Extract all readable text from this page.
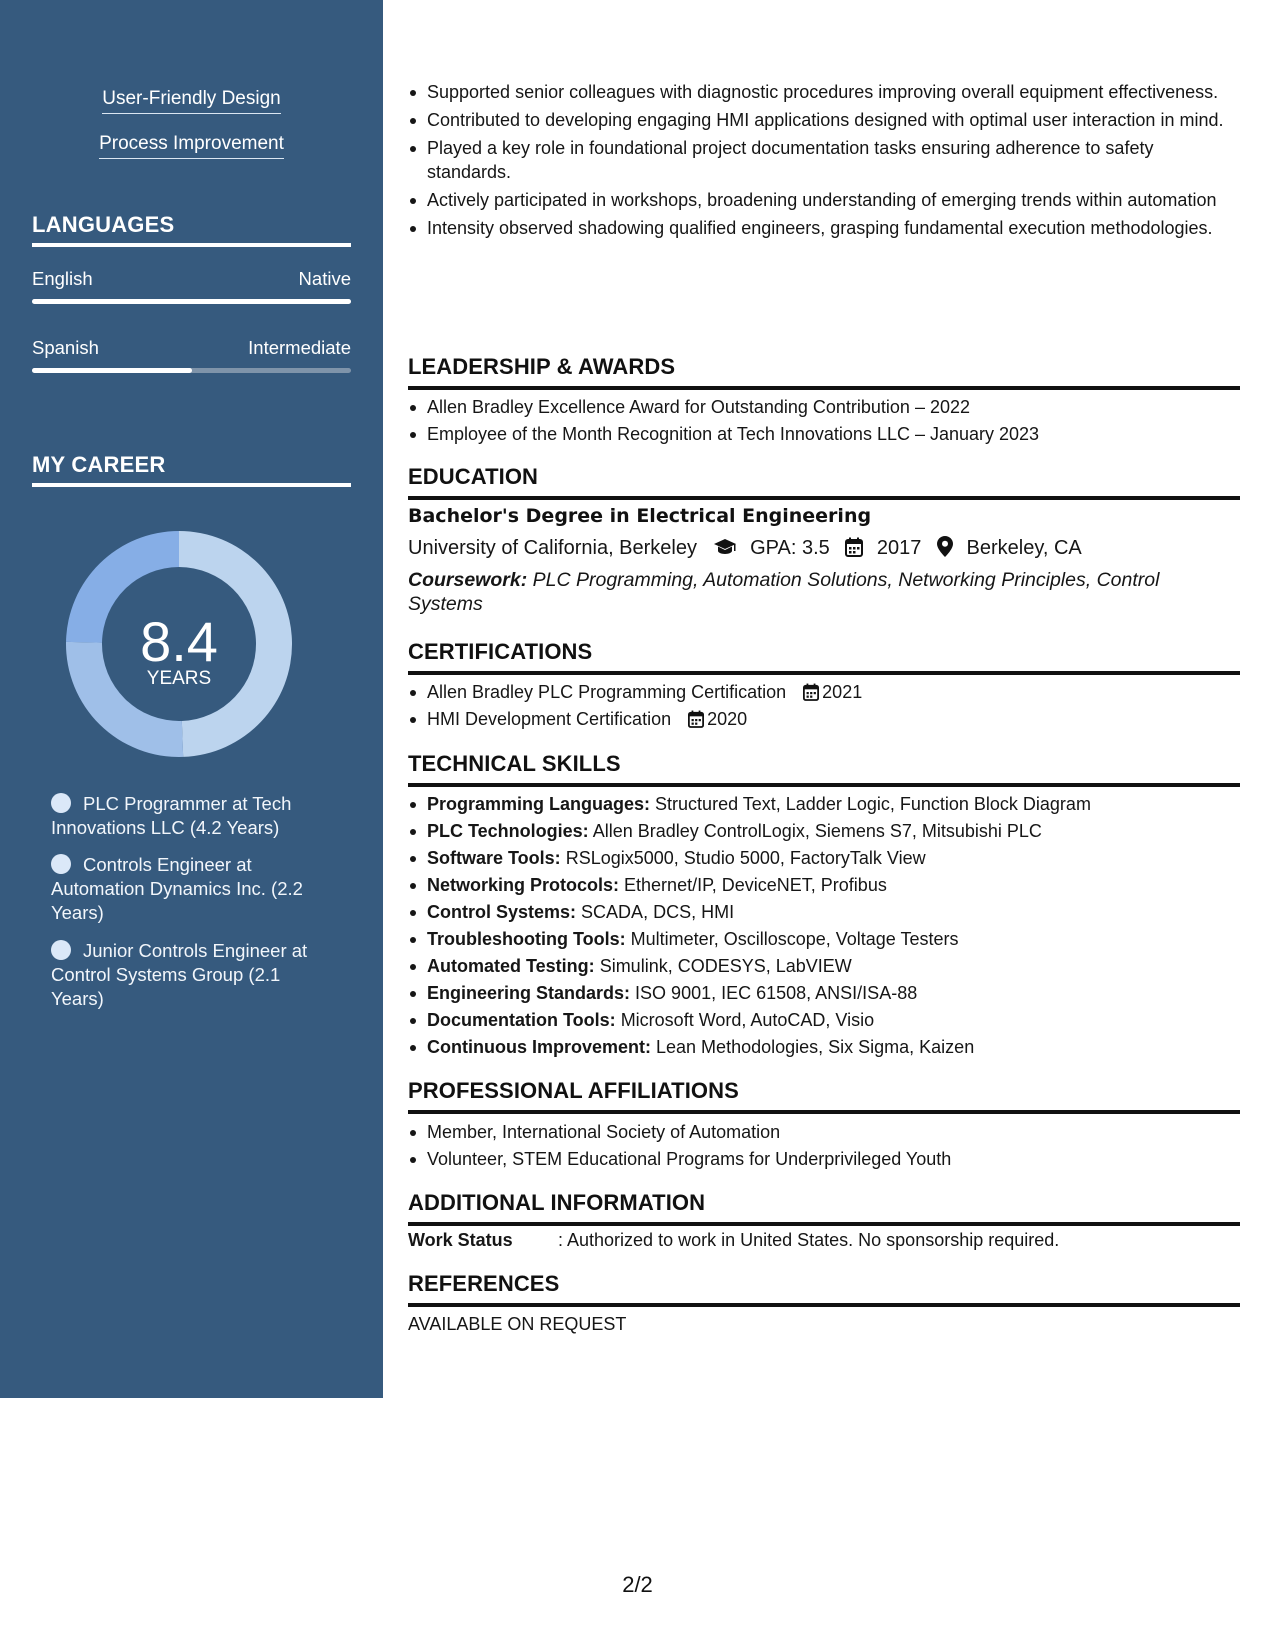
User-Friendly Design
Process Improvement
LANGUAGES
English	Native
Spanish	Intermediate
MY CAREER
8.4
YEARS
PLC Programmer at Tech Innovations LLC (4.2 Years)
Controls Engineer at Automation Dynamics Inc. (2.2 Years)
Junior Controls Engineer at Control Systems Group (2.1 Years)
Supported senior colleagues with diagnostic procedures improving overall equipment effectiveness.
Contributed to developing engaging HMI applications designed with optimal user interaction in mind.
Played a key role in foundational project documentation tasks ensuring adherence to safety standards.
Actively participated in workshops, broadening understanding of emerging trends within automation
Intensity observed shadowing qualified engineers, grasping fundamental execution methodologies.
LEADERSHIP & AWARDS
Allen Bradley Excellence Award for Outstanding Contribution – 2022
Employee of the Month Recognition at Tech Innovations LLC – January 2023
EDUCATION
Bachelor's Degree in Electrical Engineering
University of California, Berkeley	GPA: 3.5 2017 Berkeley, CA
Coursework: PLC Programming, Automation Solutions, Networking Principles, Control Systems
CERTIFICATIONS
Allen Bradley PLC Programming Certification 2021
HMI Development Certification 2020
TECHNICAL SKILLS
Programming Languages: Structured Text, Ladder Logic, Function Block Diagram
PLC Technologies: Allen Bradley ControlLogix, Siemens S7, Mitsubishi PLC
Software Tools: RSLogix5000, Studio 5000, FactoryTalk View
Networking Protocols: Ethernet/IP, DeviceNET, Profibus
Control Systems: SCADA, DCS, HMI
Troubleshooting Tools: Multimeter, Oscilloscope, Voltage Testers
Automated Testing: Simulink, CODESYS, LabVIEW
Engineering Standards: ISO 9001, IEC 61508, ANSI/ISA-88
Documentation Tools: Microsoft Word, AutoCAD, Visio
Continuous Improvement: Lean Methodologies, Six Sigma, Kaizen
PROFESSIONAL AFFILIATIONS
Member, International Society of Automation
Volunteer, STEM Educational Programs for Underprivileged Youth
ADDITIONAL INFORMATION
Work Status	: Authorized to work in United States. No sponsorship required.
REFERENCES
AVAILABLE ON REQUEST
2/2
